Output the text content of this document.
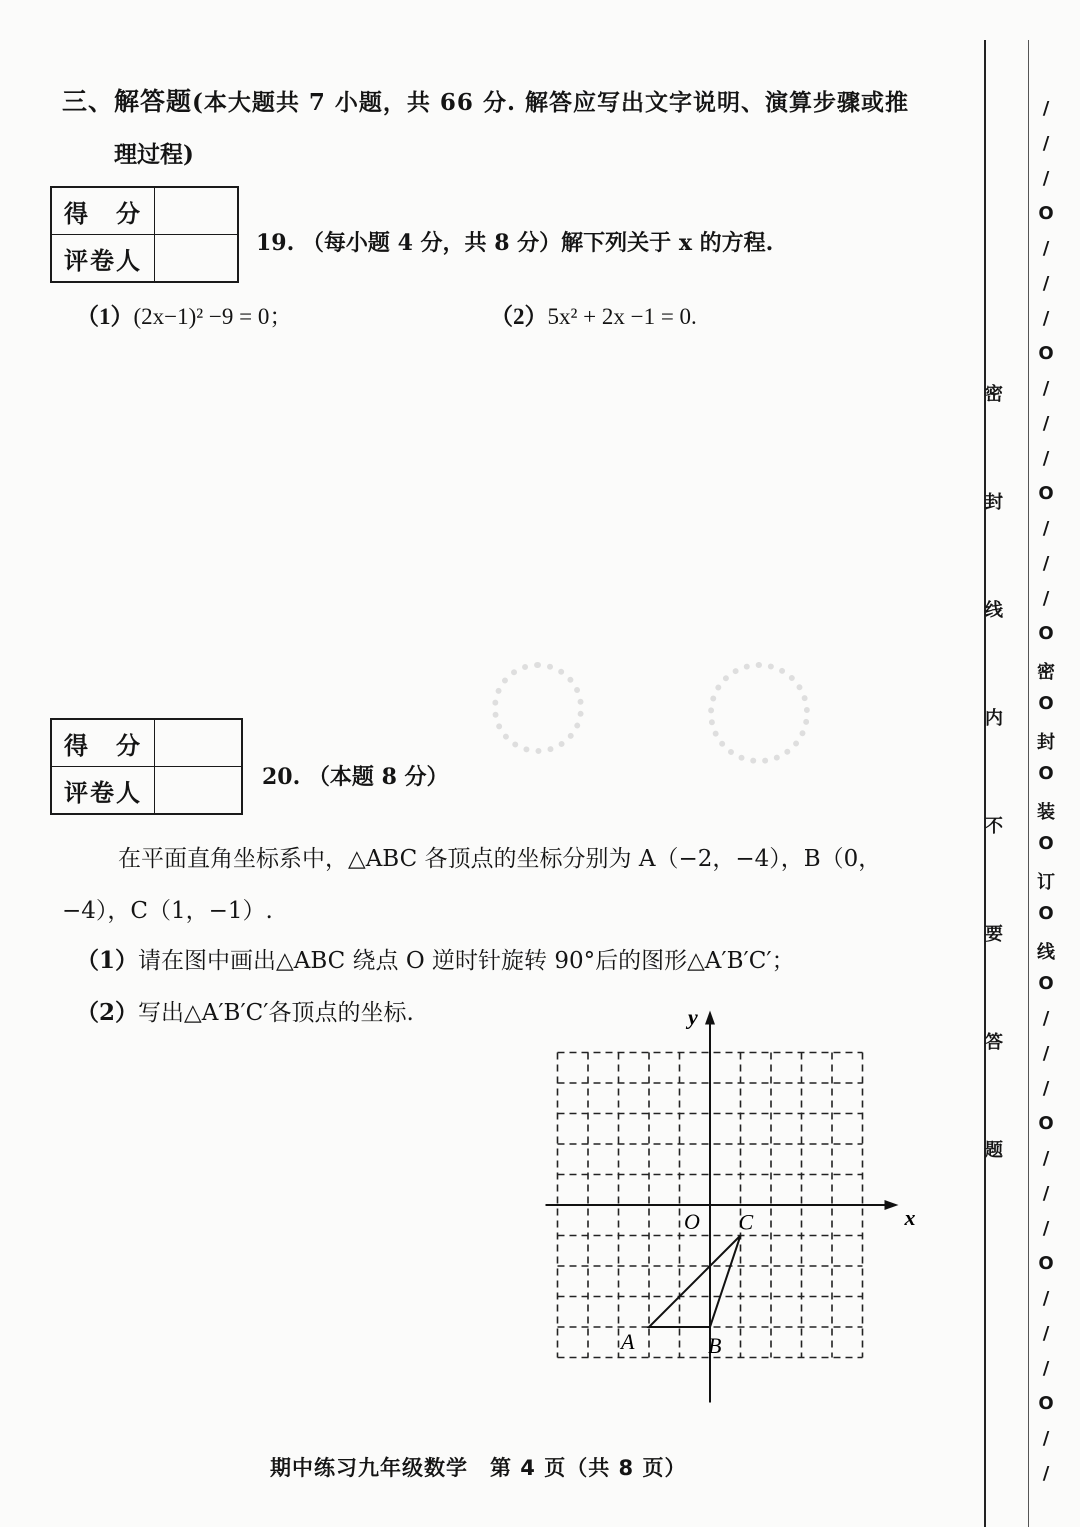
三、解答题(本大题共 7 小题，共 66 分. 解答应写出文字说明、演算步骤或推
理过程)
得　分	
评卷人	
19. （每小题 4 分，共 8 分）解下列关于 x 的方程.
（1）(2x−1)² −9 = 0；	（2）5x² + 2x −1 = 0.
得　分	
评卷人	
20. （本题 8 分）
在平面直角坐标系中，△ABC 各顶点的坐标分别为 A（−2，−4），B（0，
−4），C（1，−1）.
（1）请在图中画出△ABC 绕点 O 逆时针旋转 90°后的图形△A′B′C′；
（2）写出△A′B′C′各顶点的坐标.
x
y
O
A	B
C
期中练习九年级数学　第 4 页（共 8 页）
密
封
线
内
不
要
答
题
/
/
/
O
/
/
/
O
/
/
/
O
/
/
/
O
密
O
封
O
装
O
订
O
线
O
/
/
/
O
/
/
/
O
/
/
/
O
/
/
